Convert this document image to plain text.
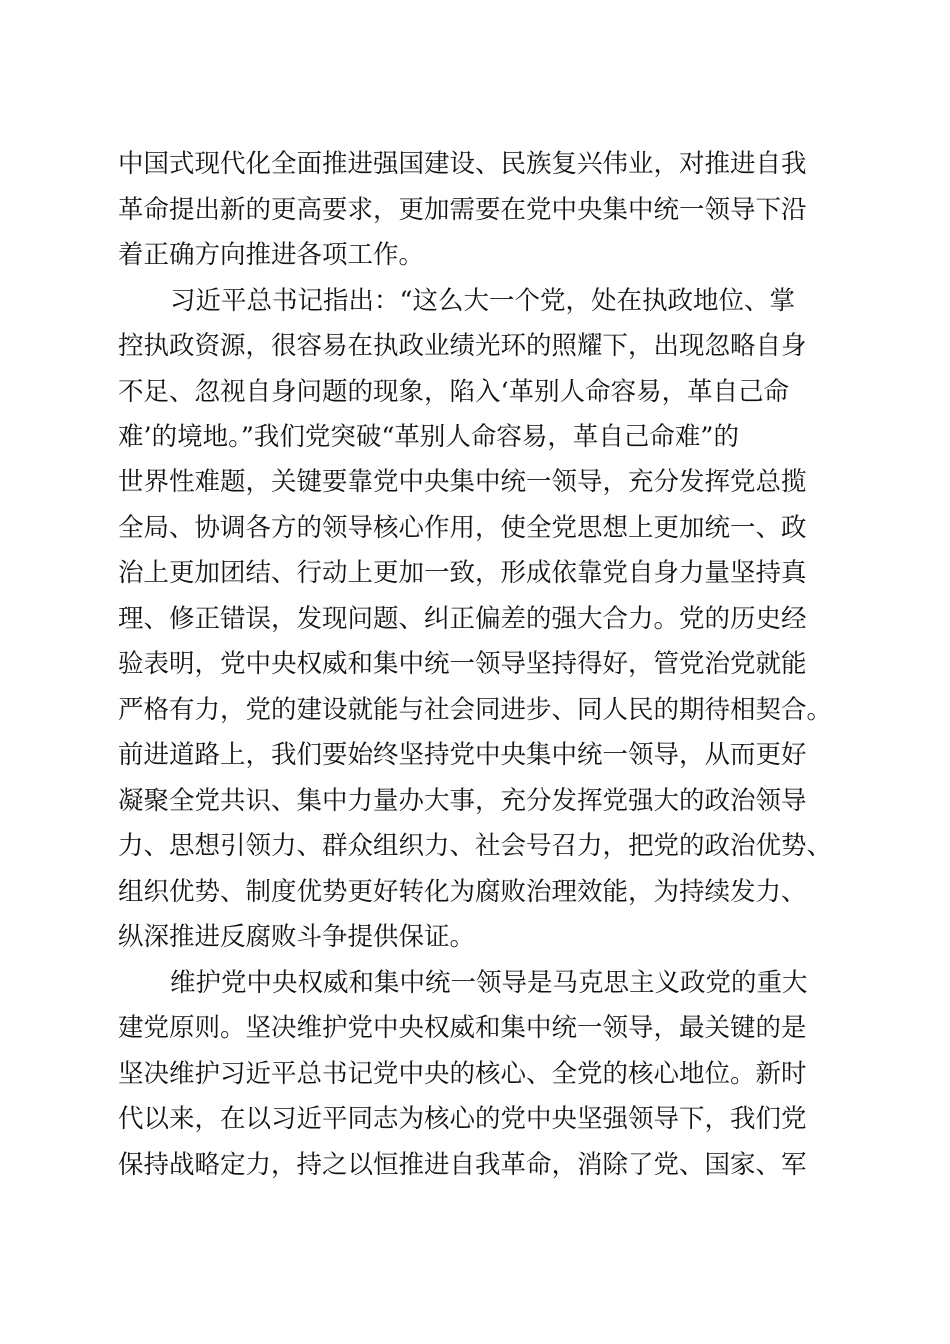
中国式现代化全面推进强国建设、民族复兴伟业，对推进自我

革命提出新的更高要求，更加需要在党中央集中统一领导下沿

着正确方向推进各项工作。

习近平总书记指出：“这么大一个党，处在执政地位、掌

控执政资源，很容易在执政业绩光环的照耀下，出现忽略自身

不足、忽视自身问题的现象，陷入‘革别人命容易，革自己命

难’的境地。”我们党突破“革别人命容易，革自己命难”的

世界性难题，关键要靠党中央集中统一领导，充分发挥党总揽

全局、协调各方的领导核心作用，使全党思想上更加统一、政

治上更加团结、行动上更加一致，形成依靠党自身力量坚持真

理、修正错误，发现问题、纠正偏差的强大合力。党的历史经

验表明，党中央权威和集中统一领导坚持得好，管党治党就能

严格有力，党的建设就能与社会同进步、同人民的期待相契合。

前进道路上，我们要始终坚持党中央集中统一领导，从而更好

凝聚全党共识、集中力量办大事，充分发挥党强大的政治领导

力、思想引领力、群众组织力、社会号召力，把党的政治优势、

组织优势、制度优势更好转化为腐败治理效能，为持续发力、

纵深推进反腐败斗争提供保证。

维护党中央权威和集中统一领导是马克思主义政党的重大

建党原则。坚决维护党中央权威和集中统一领导，最关键的是

坚决维护习近平总书记党中央的核心、全党的核心地位。新时

代以来，在以习近平同志为核心的党中央坚强领导下，我们党

保持战略定力，持之以恒推进自我革命，消除了党、国家、军
